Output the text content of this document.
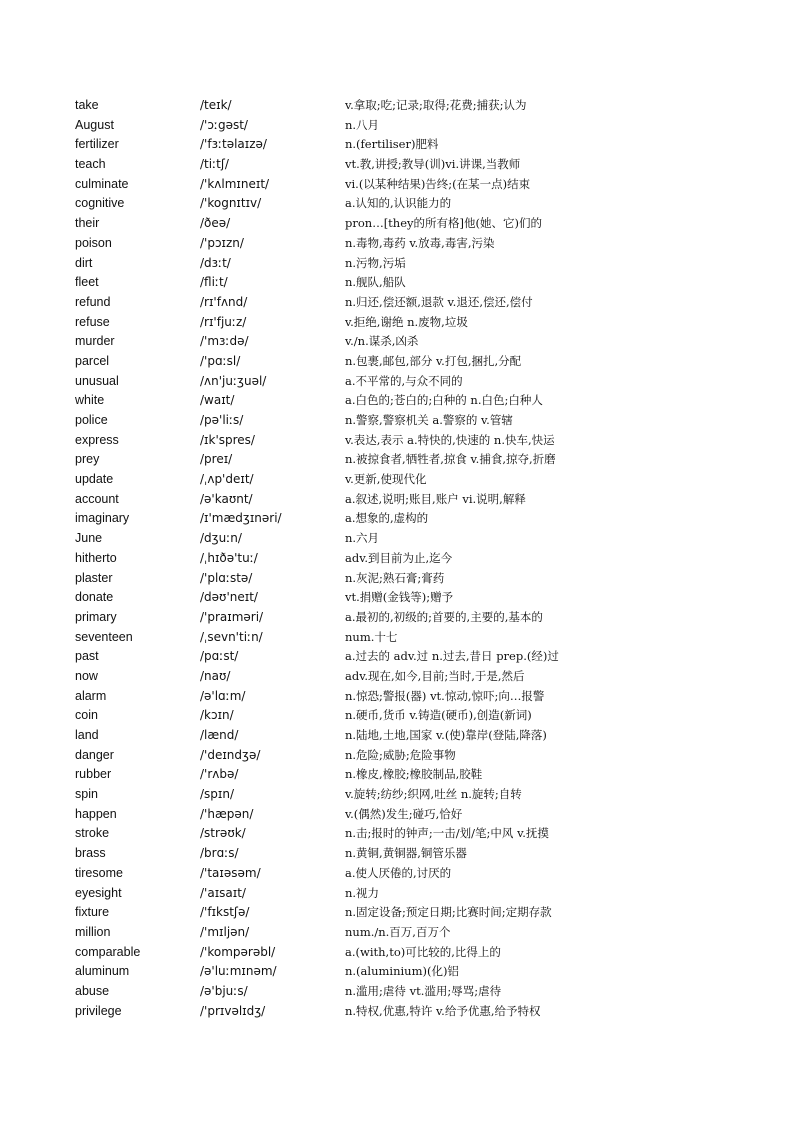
take	/teɪk/	v.拿取;吃;记录;取得;花费;捕获;认为
August	/'ɔːgəst/	n.八月
fertilizer	/'fɜːtəlaɪzə/	n.(fertiliser)肥料
teach	/tiːtʃ/	vt.教,讲授;教导(训)vi.讲课,当教师
culminate	/'kʌlmɪneɪt/	vi.(以某种结果)告终;(在某一点)结束
cognitive	/'kognɪtɪv/	a.认知的,认识能力的
their	/ðeə/	pron…[they的所有格]他(她、它)们的
poison	/'pɔɪzn/	n.毒物,毒药 v.放毒,毒害,污染
dirt	/dɜːt/	n.污物,污垢
fleet	/fliːt/	n.舰队,船队
refund	/rɪ'fʌnd/	n.归还,偿还额,退款 v.退还,偿还,偿付
refuse	/rɪ'fjuːz/	v.拒绝,谢绝 n.废物,垃圾
murder	/'mɜːdə/	v./n.谋杀,凶杀
parcel	/'pɑːsl/	n.包裹,邮包,部分 v.打包,捆扎,分配
unusual	/ʌn'juːʒuəl/	a.不平常的,与众不同的
white	/waɪt/	a.白色的;苍白的;白种的 n.白色;白种人
police	/pə'liːs/	n.警察,警察机关 a.警察的 v.管辖
express	/ɪk'spres/	v.表达,表示 a.特快的,快速的 n.快车,快运
prey	/preɪ/	n.被掠食者,牺牲者,掠食 v.捕食,掠夺,折磨
update	/ˌʌp'deɪt/	v.更新,使现代化
account	/ə'kaʊnt/	a.叙述,说明;账目,账户 vi.说明,解释
imaginary	/ɪ'mædʒɪnəri/	a.想象的,虚构的
June	/dʒuːn/	n.六月
hitherto	/ˌhɪðə'tuː/	adv.到目前为止,迄今
plaster	/'plɑːstə/	n.灰泥;熟石膏;膏药
donate	/dəʊ'neɪt/	vt.捐赠(金钱等);赠予
primary	/'praɪməri/	a.最初的,初级的;首要的,主要的,基本的
seventeen	/ˌsevn'tiːn/	num.十七
past	/pɑːst/	a.过去的 adv.过 n.过去,昔日 prep.(经)过
now	/naʊ/	adv.现在,如今,目前;当时,于是,然后
alarm	/ə'lɑːm/	n.惊恐;警报(器) vt.惊动,惊吓;向…报警
coin	/kɔɪn/	n.硬币,货币 v.铸造(硬币),创造(新词)
land	/lænd/	n.陆地,土地,国家 v.(使)靠岸(登陆,降落)
danger	/'deɪndʒə/	n.危险;威胁;危险事物
rubber	/'rʌbə/	n.橡皮,橡胶;橡胶制品,胶鞋
spin	/spɪn/	v.旋转;纺纱;织网,吐丝 n.旋转;自转
happen	/'hæpən/	v.(偶然)发生;碰巧,恰好
stroke	/strəʊk/	n.击;报时的钟声;一击/划/笔;中风 v.抚摸
brass	/brɑːs/	n.黄铜,黄铜器,铜管乐器
tiresome	/'taɪəsəm/	a.使人厌倦的,讨厌的
eyesight	/'aɪsaɪt/	n.视力
fixture	/'fɪkstʃə/	n.固定设备;预定日期;比赛时间;定期存款
million	/'mɪljən/	num./n.百万,百万个
comparable	/'kompərəbl/	a.(with,to)可比较的,比得上的
aluminum	/ə'luːmɪnəm/	n.(aluminium)(化)铝
abuse	/ə'bjuːs/	n.滥用;虐待 vt.滥用;辱骂;虐待
privilege	/'prɪvəlɪdʒ/	n.特权,优惠,特许 v.给予优惠,给予特权
